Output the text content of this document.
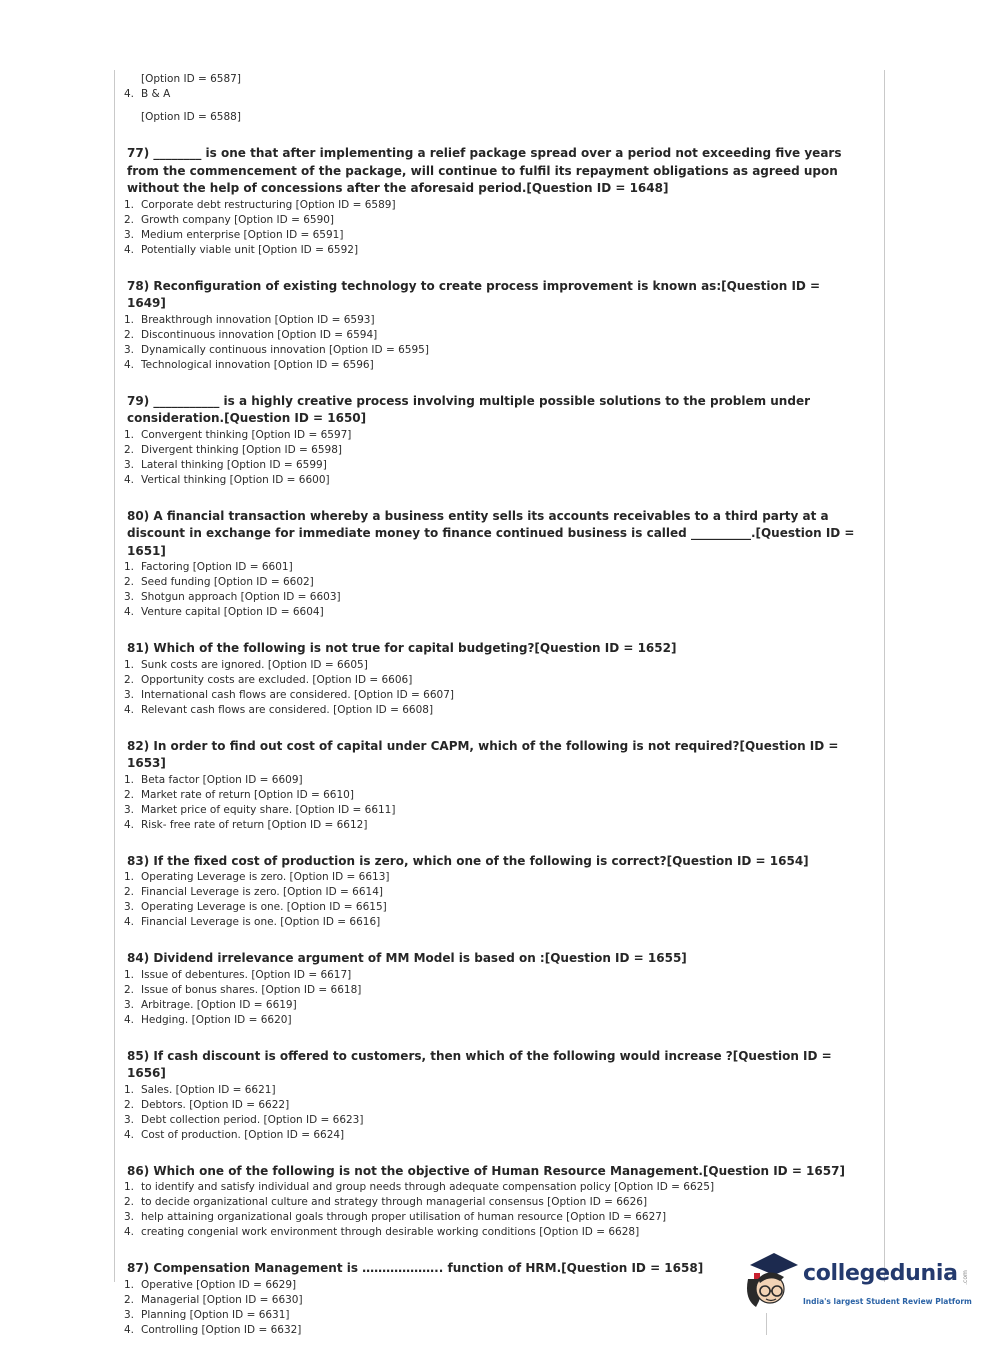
[Option ID = 6587]
4. B & A
[Option ID = 6588]
77) ________ is one that after implementing a relief package spread over a period not exceeding five years from the commencement of the package, will continue to fulfil its repayment obligations as agreed upon without the help of concessions after the aforesaid period.[Question ID = 1648]
1. Corporate debt restructuring [Option ID = 6589]
2. Growth company [Option ID = 6590]
3. Medium enterprise [Option ID = 6591]
4. Potentially viable unit [Option ID = 6592]
78) Reconfiguration of existing technology to create process improvement is known as:[Question ID = 1649]
1. Breakthrough innovation [Option ID = 6593]
2. Discontinuous innovation [Option ID = 6594]
3. Dynamically continuous innovation [Option ID = 6595]
4. Technological innovation [Option ID = 6596]
79) ___________ is a highly creative process involving multiple possible solutions to the problem under consideration.[Question ID = 1650]
1. Convergent thinking [Option ID = 6597]
2. Divergent thinking [Option ID = 6598]
3. Lateral thinking [Option ID = 6599]
4. Vertical thinking [Option ID = 6600]
80) A financial transaction whereby a business entity sells its accounts receivables to a third party at a discount in exchange for immediate money to finance continued business is called __________.[Question ID = 1651]
1. Factoring [Option ID = 6601]
2. Seed funding [Option ID = 6602]
3. Shotgun approach [Option ID = 6603]
4. Venture capital [Option ID = 6604]
81) Which of the following is not true for capital budgeting?[Question ID = 1652]
1. Sunk costs are ignored. [Option ID = 6605]
2. Opportunity costs are excluded. [Option ID = 6606]
3. International cash flows are considered. [Option ID = 6607]
4. Relevant cash flows are considered. [Option ID = 6608]
82) In order to find out cost of capital under CAPM, which of the following is not required?[Question ID = 1653]
1. Beta factor [Option ID = 6609]
2. Market rate of return [Option ID = 6610]
3. Market price of equity share. [Option ID = 6611]
4. Risk- free rate of return [Option ID = 6612]
83) If the fixed cost of production is zero, which one of the following is correct?[Question ID = 1654]
1. Operating Leverage is zero. [Option ID = 6613]
2. Financial Leverage is zero. [Option ID = 6614]
3. Operating Leverage is one. [Option ID = 6615]
4. Financial Leverage is one. [Option ID = 6616]
84) Dividend irrelevance argument of MM Model is based on :[Question ID = 1655]
1. Issue of debentures. [Option ID = 6617]
2. Issue of bonus shares. [Option ID = 6618]
3. Arbitrage. [Option ID = 6619]
4. Hedging. [Option ID = 6620]
85) If cash discount is offered to customers, then which of the following would increase ?[Question ID = 1656]
1. Sales. [Option ID = 6621]
2. Debtors. [Option ID = 6622]
3. Debt collection period. [Option ID = 6623]
4. Cost of production. [Option ID = 6624]
86) Which one of the following is not the objective of Human Resource Management.[Question ID = 1657]
1. to identify and satisfy individual and group needs through adequate compensation policy [Option ID = 6625]
2. to decide organizational culture and strategy through managerial consensus [Option ID = 6626]
3. help attaining organizational goals through proper utilisation of human resource [Option ID = 6627]
4. creating congenial work environment through desirable working conditions [Option ID = 6628]
87) Compensation Management is ……………….. function of HRM.[Question ID = 1658]
1. Operative [Option ID = 6629]
2. Managerial [Option ID = 6630]
3. Planning [Option ID = 6631]
4. Controlling [Option ID = 6632]
collegedunia .com
India's largest Student Review Platform
